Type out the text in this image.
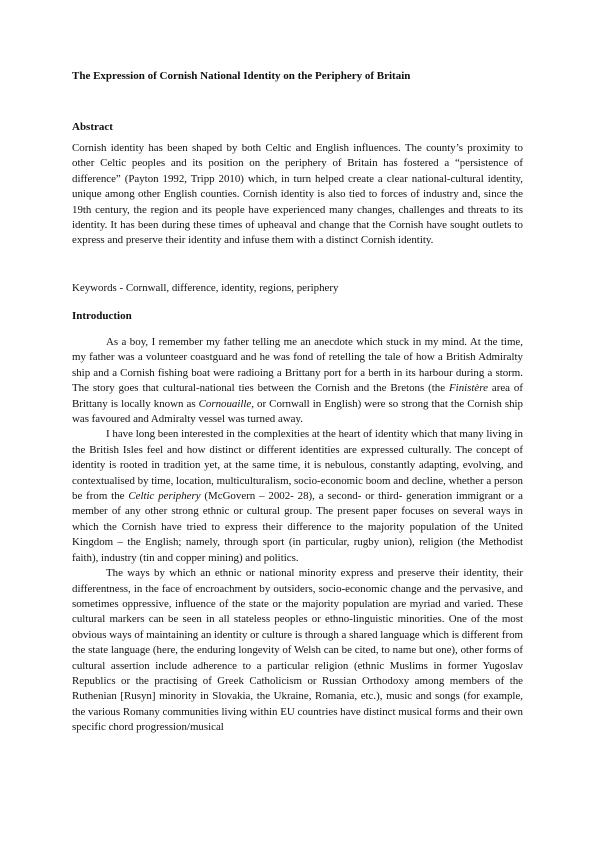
The Expression of Cornish National Identity on the Periphery of Britain
Abstract

Cornish identity has been shaped by both Celtic and English influences. The county’s proximity to other Celtic peoples and its position on the periphery of Britain has fostered a “persistence of difference” (Payton 1992, Tripp 2010) which, in turn helped create a clear national-cultural identity, unique among other English counties. Cornish identity is also tied to forces of industry and, since the 19th century, the region and its people have experienced many changes, challenges and threats to its identity. It has been during these times of upheaval and change that the Cornish have sought outlets to express and preserve their identity and infuse them with a distinct Cornish identity.

Keywords - Cornwall, difference, identity, regions, periphery

Introduction

As a boy, I remember my father telling me an anecdote which stuck in my mind. At the time, my father was a volunteer coastguard and he was fond of retelling the tale of how a British Admiralty ship and a Cornish fishing boat were radioing a Brittany port for a berth in its harbour during a storm. The story goes that cultural-national ties between the Cornish and the Bretons (the Finistère area of Brittany is locally known as Cornouaille, or Cornwall in English) were so strong that the Cornish ship was favoured and Admiralty vessel was turned away.

I have long been interested in the complexities at the heart of identity which that many living in the British Isles feel and how distinct or different identities are expressed culturally. The concept of identity is rooted in tradition yet, at the same time, it is nebulous, constantly adapting, evolving, and contextualised by time, location, multiculturalism, socio-economic boom and decline, whether a person be from the Celtic periphery (McGovern – 2002- 28), a second- or third- generation immigrant or a member of any other strong ethnic or cultural group. The present paper focuses on several ways in which the Cornish have tried to express their difference to the majority population of the United Kingdom – the English; namely, through sport (in particular, rugby union), religion (the Methodist faith), industry (tin and copper mining) and politics.

The ways by which an ethnic or national minority express and preserve their identity, their differentness, in the face of encroachment by outsiders, socio-economic change and the pervasive, and sometimes oppressive, influence of the state or the majority population are myriad and varied. These cultural markers can be seen in all stateless peoples or ethno-linguistic minorities. One of the most obvious ways of maintaining an identity or culture is through a shared language which is different from the state language (here, the enduring longevity of Welsh can be cited, to name but one), other forms of cultural assertion include adherence to a particular religion (ethnic Muslims in former Yugoslav Republics or the practising of Greek Catholicism or Russian Orthodoxy among members of the Ruthenian [Rusyn] minority in Slovakia, the Ukraine, Romania, etc.), music and songs (for example, the various Romany communities living within EU countries have distinct musical forms and their own specific chord progression/musical
